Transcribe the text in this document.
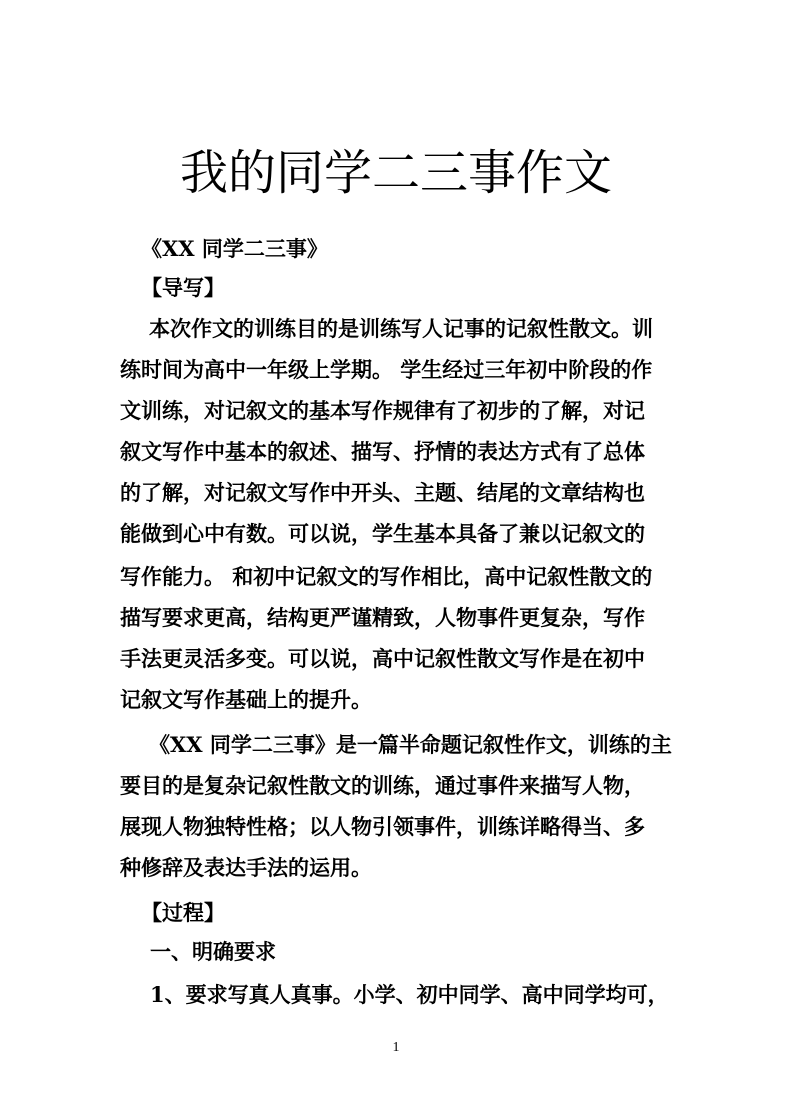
我的同学二三事作文
《XX 同学二三事》
【导写】
本次作文的训练目的是训练写人记事的记叙性散文。训
练时间为高中一年级上学期。 学生经过三年初中阶段的作
文训练，对记叙文的基本写作规律有了初步的了解，对记
叙文写作中基本的叙述、描写、抒情的表达方式有了总体
的了解，对记叙文写作中开头、主题、结尾的文章结构也
能做到心中有数。可以说，学生基本具备了兼以记叙文的
写作能力。 和初中记叙文的写作相比，高中记叙性散文的
描写要求更高，结构更严谨精致，人物事件更复杂，写作
手法更灵活多变。可以说，高中记叙性散文写作是在初中
记叙文写作基础上的提升。
《XX 同学二三事》是一篇半命题记叙性作文，训练的主
要目的是复杂记叙性散文的训练，通过事件来描写人物，
展现人物独特性格；以人物引领事件，训练详略得当、多
种修辞及表达手法的运用。
【过程】
一、明确要求
1、要求写真人真事。小学、初中同学、高中同学均可，
1
